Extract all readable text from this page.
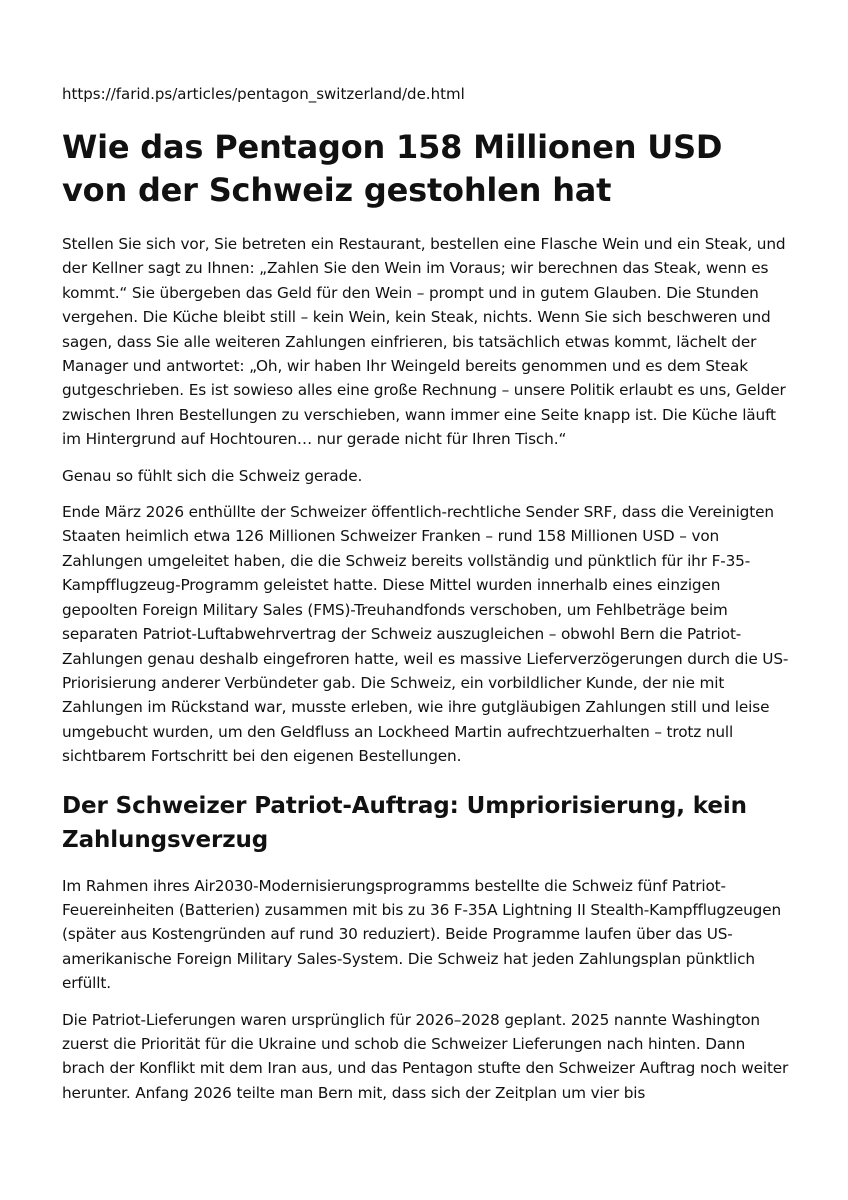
https://farid.ps/articles/pentagon_switzerland/de.html
Wie das Pentagon 158 Millionen USD von der Schweiz gestohlen hat

Stellen Sie sich vor, Sie betreten ein Restaurant, bestellen eine Flasche Wein und ein Steak, und der Kellner sagt zu Ihnen: „Zahlen Sie den Wein im Voraus; wir berechnen das Steak, wenn es kommt.“ Sie übergeben das Geld für den Wein – prompt und in gutem Glauben. Die Stunden vergehen. Die Küche bleibt still – kein Wein, kein Steak, nichts. Wenn Sie sich beschweren und sagen, dass Sie alle weiteren Zahlungen einfrieren, bis tatsächlich etwas kommt, lächelt der Manager und antwortet: „Oh, wir haben Ihr Weingeld bereits genommen und es dem Steak gutgeschrieben. Es ist sowieso alles eine große Rechnung – unsere Politik erlaubt es uns, Gelder zwischen Ihren Bestellungen zu verschieben, wann immer eine Seite knapp ist. Die Küche läuft im Hintergrund auf Hochtouren… nur gerade nicht für Ihren Tisch.“

Genau so fühlt sich die Schweiz gerade.

Ende März 2026 enthüllte der Schweizer öffentlich-rechtliche Sender SRF, dass die Vereinigten Staaten heimlich etwa 126 Millionen Schweizer Franken – rund 158 Millionen USD – von Zahlungen umgeleitet haben, die die Schweiz bereits vollständig und pünktlich für ihr F-35-Kampfflugzeug-Programm geleistet hatte. Diese Mittel wurden innerhalb eines einzigen gepoolten Foreign Military Sales (FMS)-Treuhandfonds verschoben, um Fehlbeträge beim separaten Patriot-Luftabwehrvertrag der Schweiz auszugleichen – obwohl Bern die Patriot-Zahlungen genau deshalb eingefroren hatte, weil es massive Lieferverzögerungen durch die US-Priorisierung anderer Verbündeter gab. Die Schweiz, ein vorbildlicher Kunde, der nie mit Zahlungen im Rückstand war, musste erleben, wie ihre gutgläubigen Zahlungen still und leise umgebucht wurden, um den Geldfluss an Lockheed Martin aufrechtzuerhalten – trotz null sichtbarem Fortschritt bei den eigenen Bestellungen.

Der Schweizer Patriot-Auftrag: Umpriorisierung, kein Zahlungsverzug

Im Rahmen ihres Air2030-Modernisierungsprogramms bestellte die Schweiz fünf Patriot-Feuereinheiten (Batterien) zusammen mit bis zu 36 F-35A Lightning II Stealth-Kampfflugzeugen (später aus Kostengründen auf rund 30 reduziert). Beide Programme laufen über das US-amerikanische Foreign Military Sales-System. Die Schweiz hat jeden Zahlungsplan pünktlich erfüllt.

Die Patriot-Lieferungen waren ursprünglich für 2026–2028 geplant. 2025 nannte Washington zuerst die Priorität für die Ukraine und schob die Schweizer Lieferungen nach hinten. Dann brach der Konflikt mit dem Iran aus, und das Pentagon stufte den Schweizer Auftrag noch weiter herunter. Anfang 2026 teilte man Bern mit, dass sich der Zeitplan um vier bis
